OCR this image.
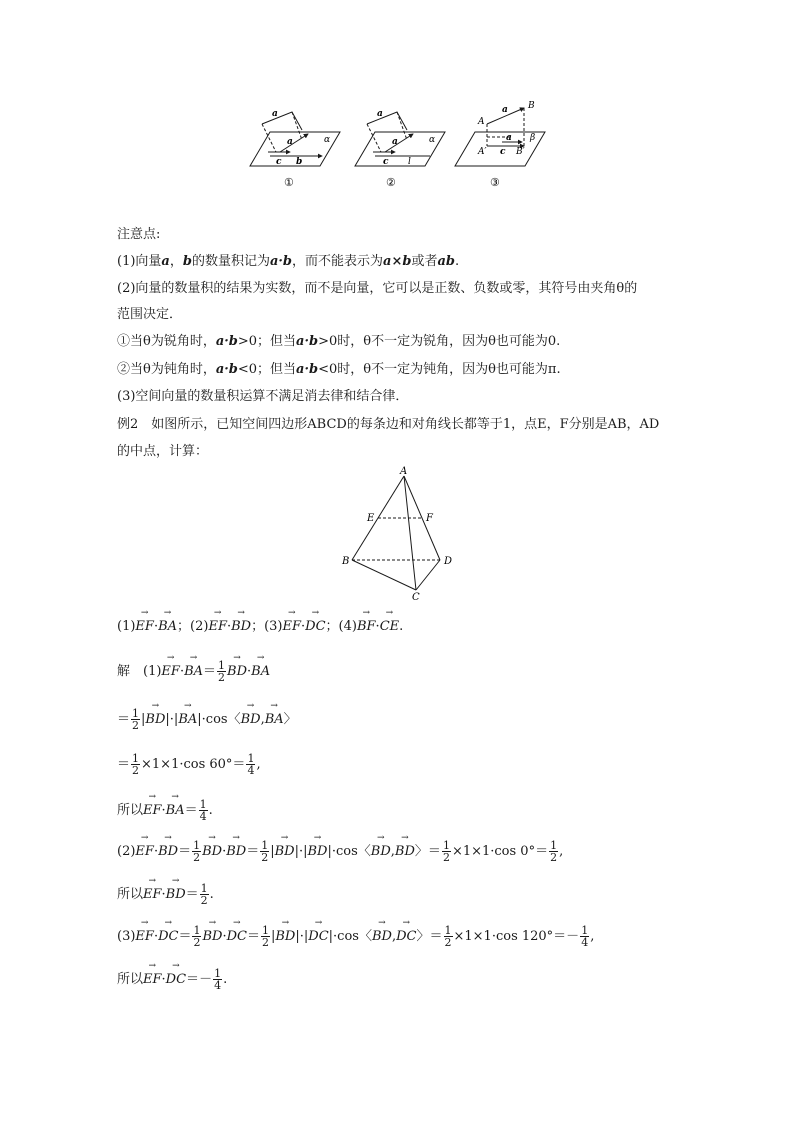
a
a	α
c b
①
a
a	α
c l
②
A
B
a
β
A′
a
c B′
③
注意点:
(1)向量a，b的数量积记为a·b，而不能表示为a×b或者ab.
(2)向量的数量积的结果为实数，而不是向量，它可以是正数、负数或零，其符号由夹角θ的
范围决定．
①当θ为锐角时，a·b>0；但当a·b>0时，θ不一定为锐角，因为θ也可能为0.
②当θ为钝角时，a·b<0；但当a·b<0时，θ不一定为钝角，因为θ也可能为π.
(3)空间向量的数量积运算不满足消去律和结合律．
例2　如图所示，已知空间四边形ABCD的每条边和对角线长都等于1，点E，F分别是AB，AD
的中点，计算：
A
B
C
D
E	F
(1)→ EF·→ BA；(2)→ EF·→ BD；(3)→ EF·→ DC；(4)→ BF·→ CE.
解　$(1)\to EF\cdot\to BA= \frac{1}{2}$
→ BD·→ BA
＝ $\frac{1}{2}$ |→ BD|·|→ BA|·cos〈→ BD,→ BA〉
＝ $\frac{1}{2} \times 1\times 1\cdot\cos$ $60^\circ= \frac{1}{4}$ ,
所以→ $EF\cdot\to BA= \frac{1}{4}$ .
$(2)\to EF\cdot\to BD= \frac{1}{2}$
→ $BD\cdot\to BD= \frac{1}{2}$ |→ BD|·|→ BD|·cos〈→ BD,→ BD〉＝ $\frac{1}{2} \times 1\times 1\cdot\cos$ $0^\circ= \frac{1}{2}$ ,
所以→ $EF\cdot\to BD= \frac{1}{2}$ .
$(3)\to EF\cdot\to DC= \frac{1}{2}$
→ $BD\cdot\to DC= \frac{1}{2}$ |→ BD|·|→ DC|·cos〈→ BD,→ DC〉＝ $\frac{1}{2} \times 1\times 1\cdot\cos$ $120^\circ=- \frac{1}{4}$ ,
所以→ $EF\cdot\to DC=- \frac{1}{4}$ .
